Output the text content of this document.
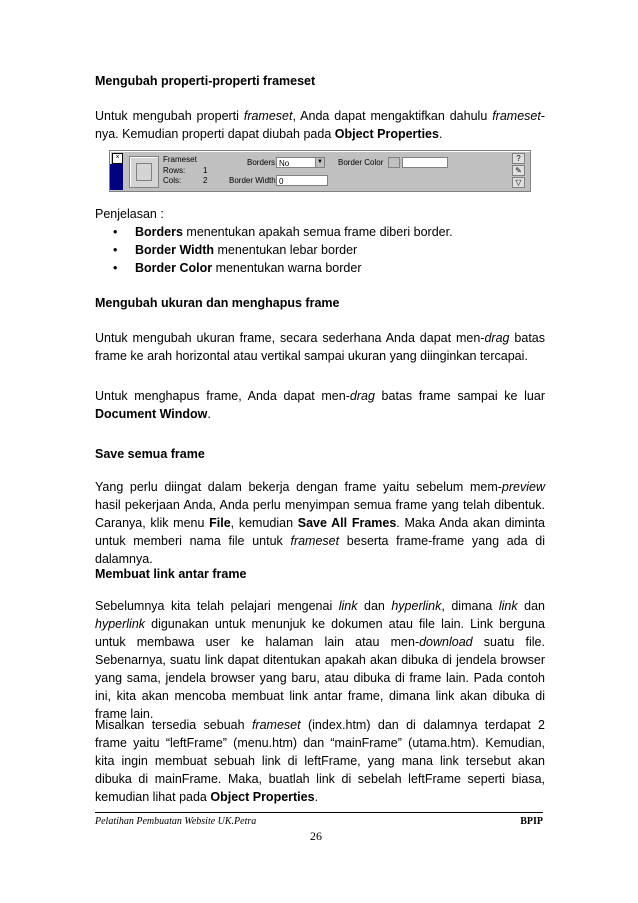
Mengubah properti-properti frameset
Untuk mengubah properti frameset, Anda dapat mengaktifkan dahulu frameset-nya. Kemudian properti dapat diubah pada Object Properties.
×	Frameset
Rows: 1
Cols:	2
Borders No	▼
Border Width 0
Border Color	?
✎
▽
Penjelasan :
• Borders menentukan apakah semua frame diberi border.
• Border Width menentukan lebar border
• Border Color menentukan warna border
Mengubah ukuran dan menghapus frame
Untuk mengubah ukuran frame, secara sederhana Anda dapat men-drag batas frame ke arah horizontal atau vertikal sampai ukuran yang diinginkan tercapai.
Untuk menghapus frame, Anda dapat men-drag batas frame sampai ke luar Document Window.
Save semua frame
Yang perlu diingat dalam bekerja dengan frame yaitu sebelum mem-preview hasil pekerjaan Anda, Anda perlu menyimpan semua frame yang telah dibentuk. Caranya, klik menu File, kemudian Save All Frames. Maka Anda akan diminta untuk memberi nama file untuk frameset beserta frame-frame yang ada di dalamnya.
Membuat link antar frame
Sebelumnya kita telah pelajari mengenai link dan hyperlink, dimana link dan hyperlink digunakan untuk menunjuk ke dokumen atau file lain. Link berguna untuk membawa user ke halaman lain atau men-download suatu file. Sebenarnya, suatu link dapat ditentukan apakah akan dibuka di jendela browser yang sama, jendela browser yang baru, atau dibuka di frame lain. Pada contoh ini, kita akan mencoba membuat link antar frame, dimana link akan dibuka di frame lain.
Misalkan tersedia sebuah frameset (index.htm) dan di dalamnya terdapat 2 frame yaitu “leftFrame” (menu.htm) dan “mainFrame” (utama.htm). Kemudian, kita ingin membuat sebuah link di leftFrame, yang mana link tersebut akan dibuka di mainFrame. Maka, buatlah link di sebelah leftFrame seperti biasa, kemudian lihat pada Object Properties.
Pelatihan Pembuatan Website UK.Petra	BPIP
26
